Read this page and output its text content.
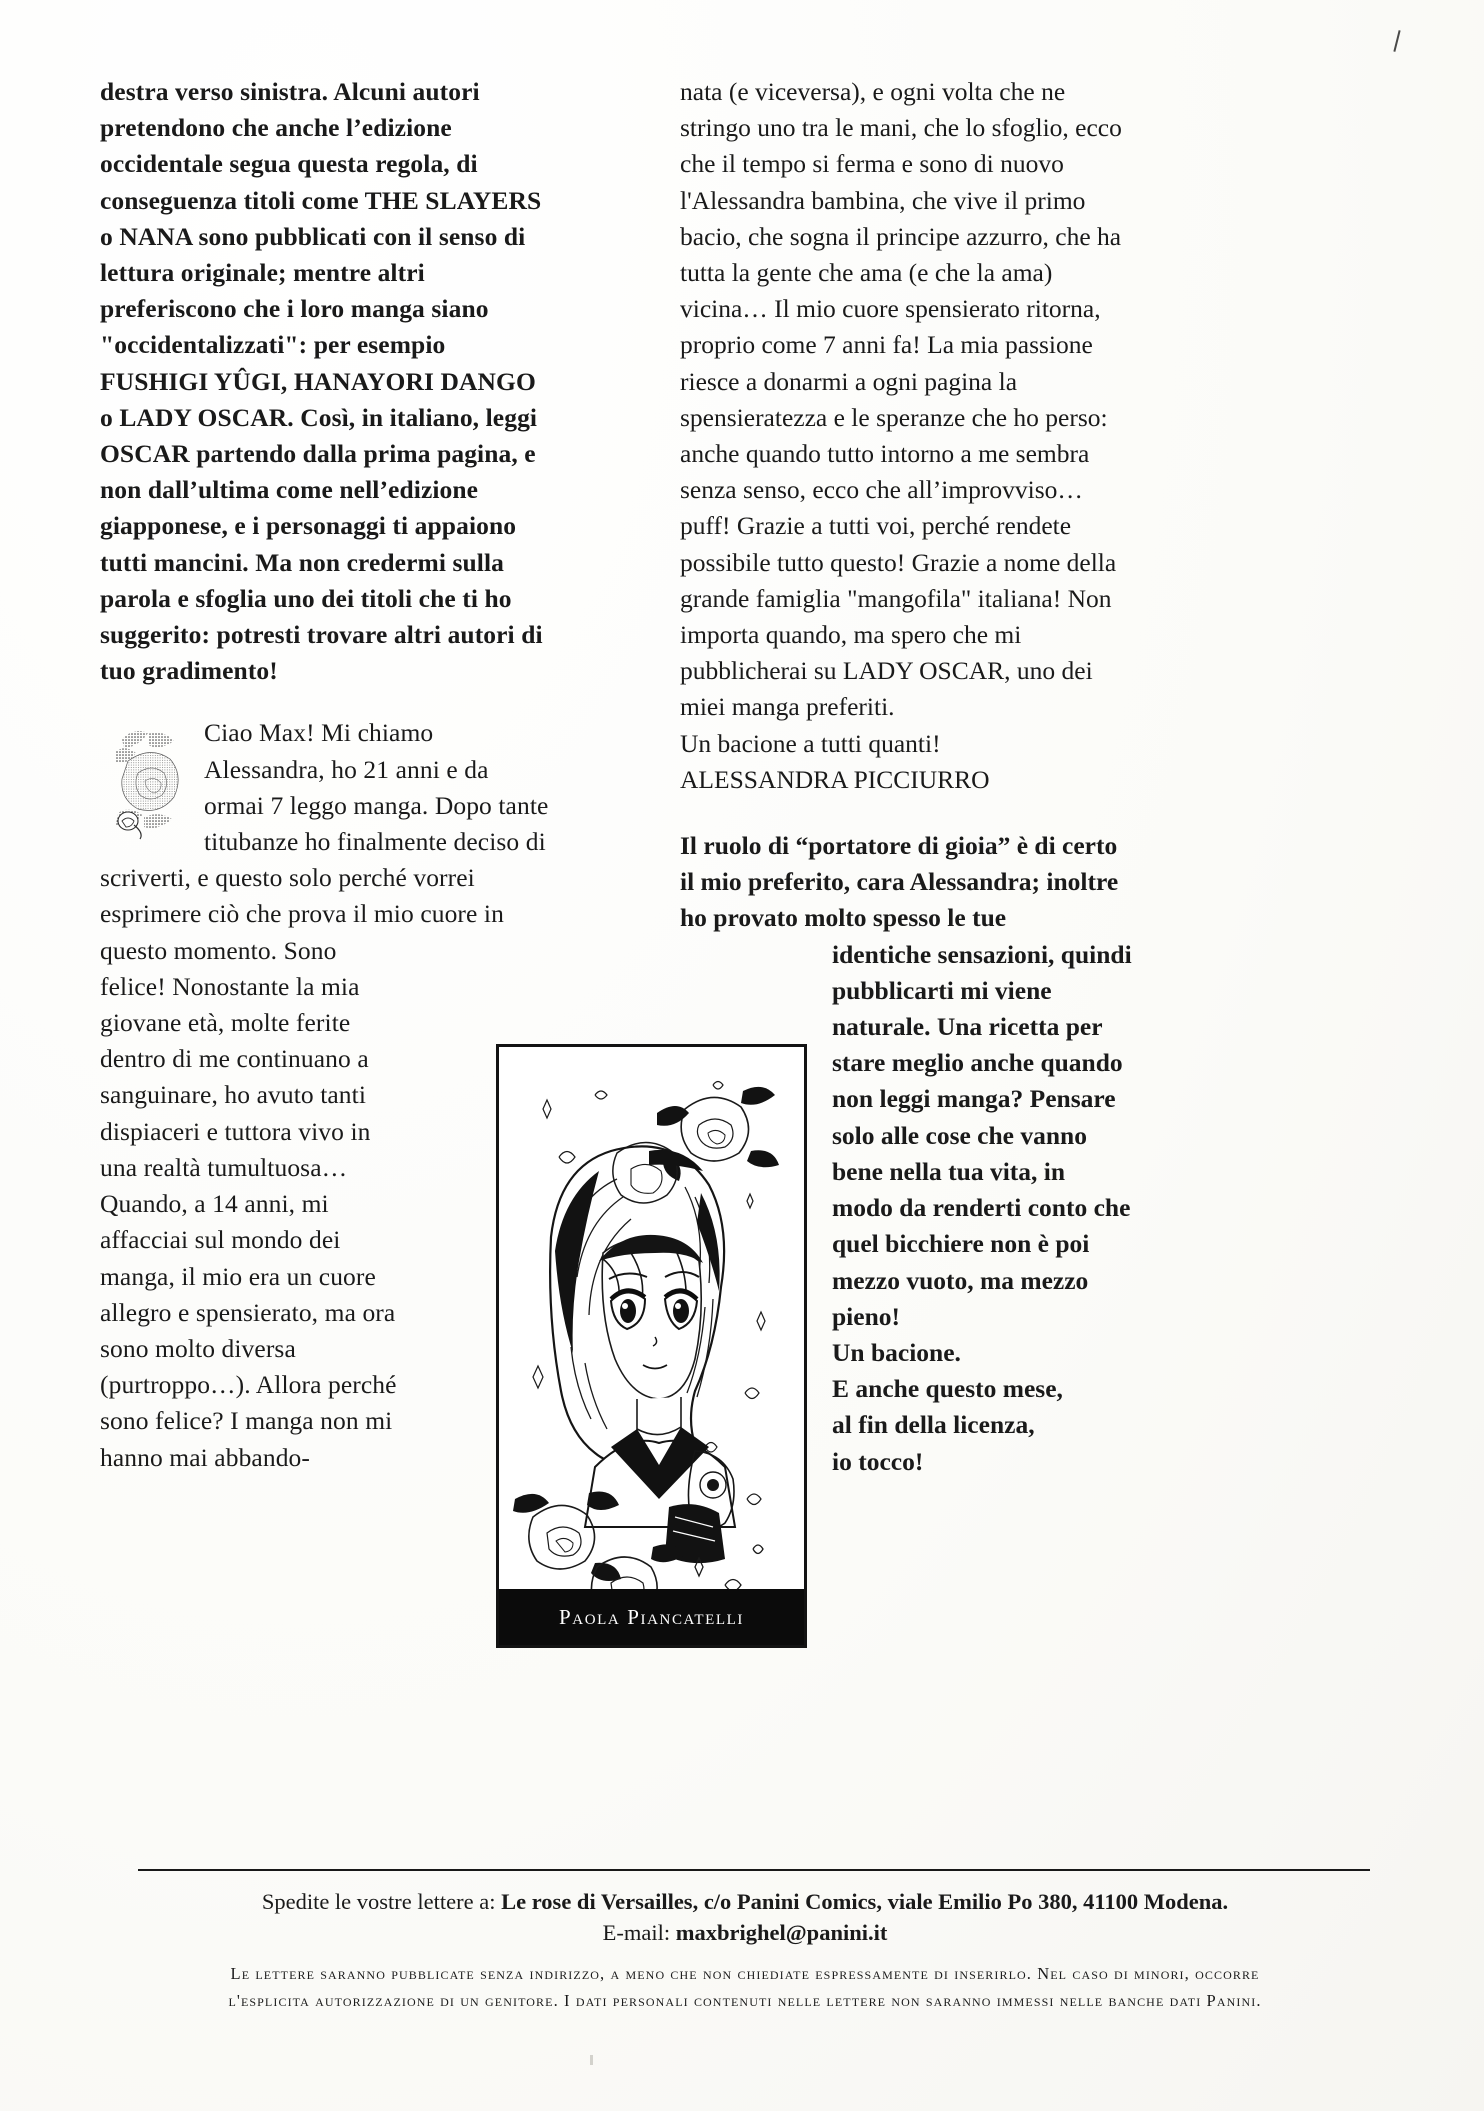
destra verso sinistra. Alcuni autori pretendono che anche l’edizione occidentale segua questa regola, di conseguenza titoli come THE SLAYERS o NANA sono pubblicati con il senso di lettura originale; mentre altri preferiscono che i loro manga siano "occidentalizzati": per esempio FUSHIGI YÛGI, HANAYORI DANGO o LADY OSCAR. Così, in italiano, leggi OSCAR partendo dalla prima pagina, e non dall’ultima come nell’edizione giapponese, e i personaggi ti appaiono tutti mancini. Ma non credermi sulla parola e sfoglia uno dei titoli che ti ho suggerito: potresti trovare altri autori di tuo gradimento!

Ciao Max! Mi chiamo Alessandra, ho 21 anni e da ormai 7 leggo manga. Dopo tante titubanze ho finalmente deciso di

scriverti, e questo solo perché vorrei esprimere ciò che prova il mio cuore in

questo momento. Sono felice! Nonostante la mia giovane età, molte ferite dentro di me continuano a sanguinare, ho avuto tanti dispiaceri e tuttora vivo in una realtà tumultuosa… Quando, a 14 anni, mi affacciai sul mondo dei manga, il mio era un cuore allegro e spensierato, ma ora sono molto diversa (purtroppo…). Allora perché sono felice? I manga non mi hanno mai abbando-

nata (e viceversa), e ogni volta che ne stringo uno tra le mani, che lo sfoglio, ecco che il tempo si ferma e sono di nuovo l'Alessandra bambina, che vive il primo bacio, che sogna il principe azzurro, che ha tutta la gente che ama (e che la ama) vicina… Il mio cuore spensierato ritorna, proprio come 7 anni fa! La mia passione riesce a donarmi a ogni pagina la spensieratezza e le speranze che ho perso: anche quando tutto intorno a me sembra senza senso, ecco che all’improvviso… puff! Grazie a tutti voi, perché rendete possibile tutto questo! Grazie a nome della grande famiglia "mangofila" italiana! Non importa quando, ma spero che mi pubblicherai su LADY OSCAR, uno dei miei manga preferiti.

Un bacione a tutti quanti!

ALESSANDRA PICCIURRO

Il ruolo di “portatore di gioia” è di certo il mio preferito, cara Alessandra; inoltre ho provato molto spesso le tue

identiche sensazioni, quindi pubblicarti mi viene naturale. Una ricetta per stare meglio anche quando non leggi manga? Pensare solo alle cose che vanno bene nella tua vita, in modo da renderti conto che quel bicchiere non è poi mezzo vuoto, ma mezzo pieno!

Un bacione.

E anche questo mese,

al fin della licenza,

io tocco!

Paola Piancatelli

Spedite le vostre lettere a: Le rose di Versailles, c/o Panini Comics, viale Emilio Po 380, 41100 Modena.

E-mail: maxbrighel@panini.it

Le lettere saranno pubblicate senza indirizzo, a meno che non chiediate espressamente di inserirlo. Nel caso di minori, occorre

l'esplicita autorizzazione di un genitore. I dati personali contenuti nelle lettere non saranno immessi nelle banche dati Panini.
